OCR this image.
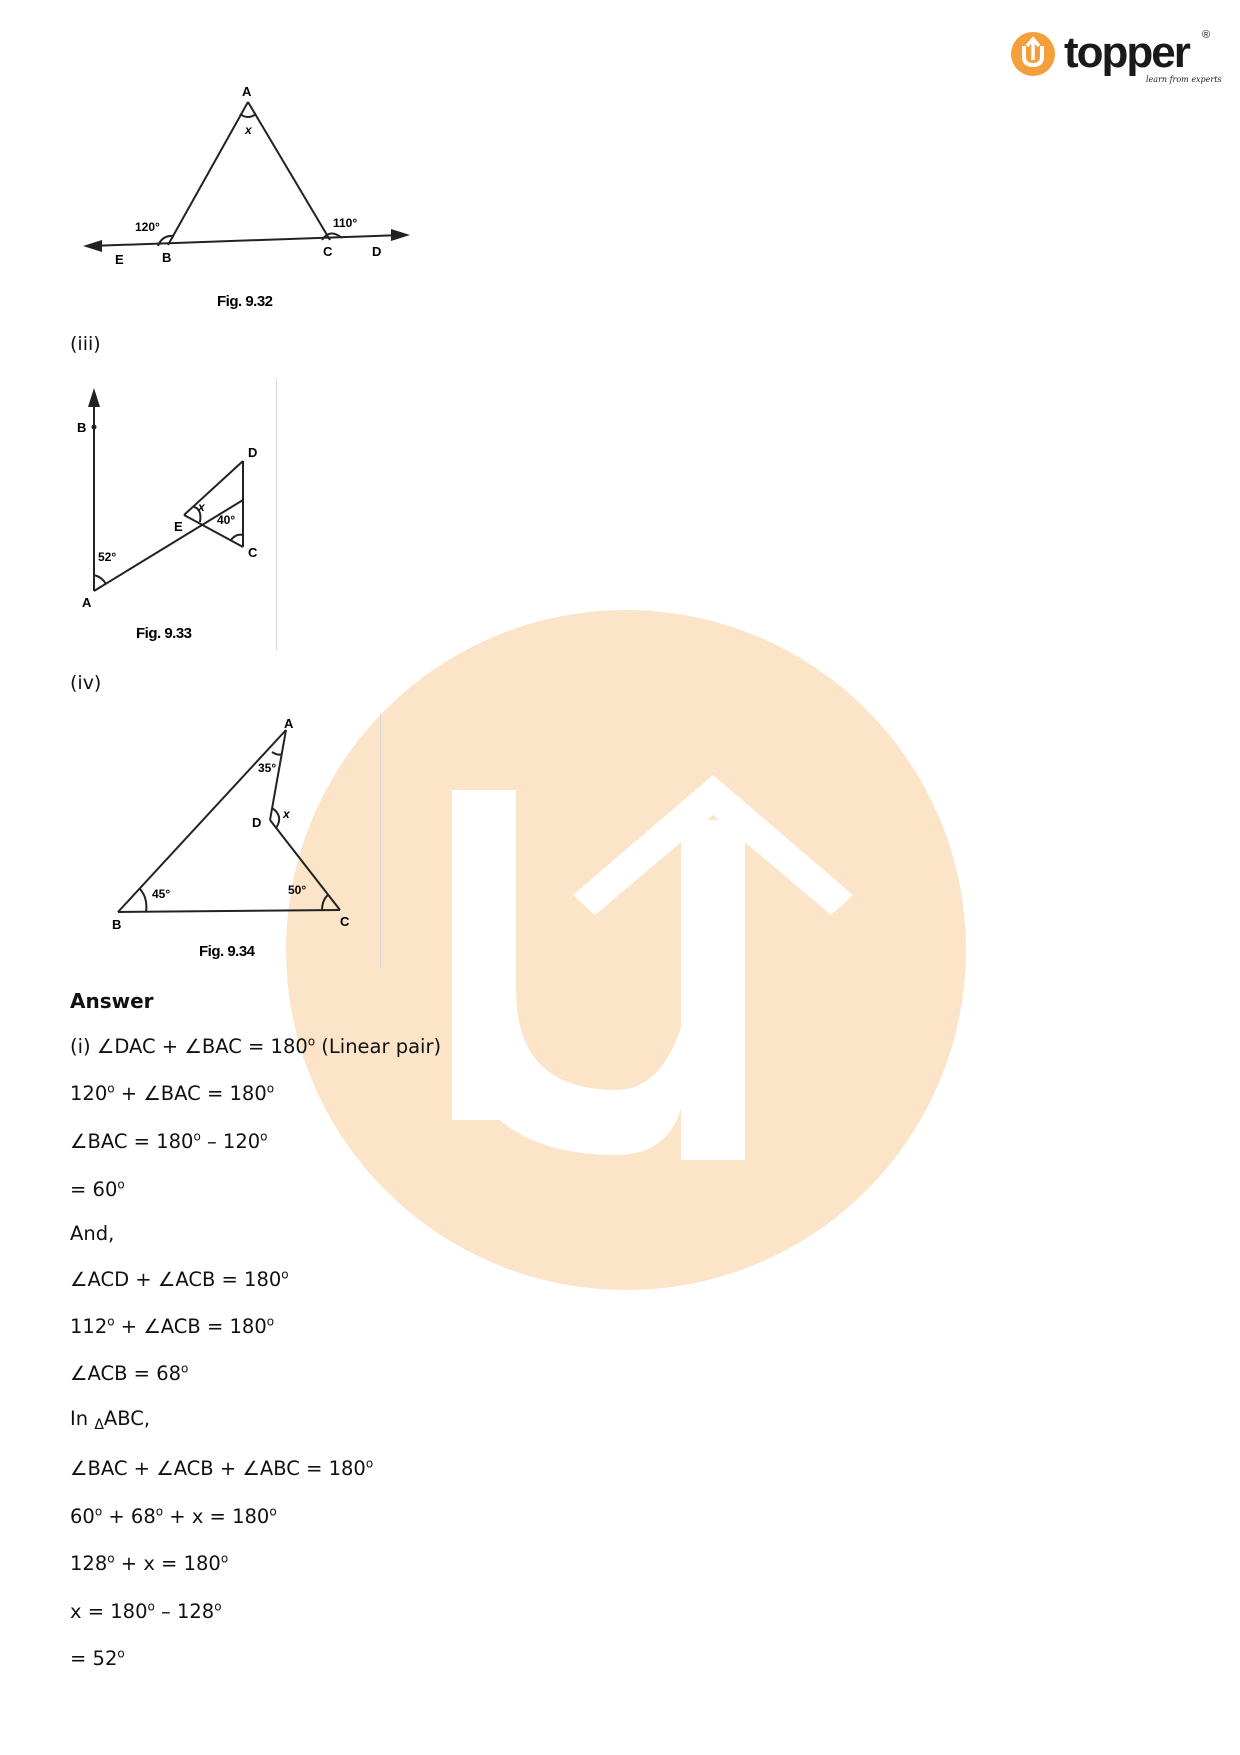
topper ®
learn from experts
A
x
120°	110°
E	B	C	D
Fig. 9.32
(iii)
B
D
x
40°
E
C
52°
A
Fig. 9.33
(iv)
A
35°
x
D
45°	50°
B	C
Fig. 9.34
Answer
(i) ∠DAC + ∠BAC = $180^o$ (Linear pair)
$120^o$ + ∠BAC = $180^o$
∠BAC = $180^o - 120^o$
= $60^o$
And,
∠ACD + ∠ACB = $180^o$
$112^o$ + ∠ACB = $180^o$
∠ACB = $68^o$
In $_\Delta$ABC,
∠BAC + ∠ACB + ∠ABC = $180^o$
$60^o + 68^o + x = 180^o$
$128^o + x = 180^o$
$x = 180^o - 128^o$
= $52^o$
